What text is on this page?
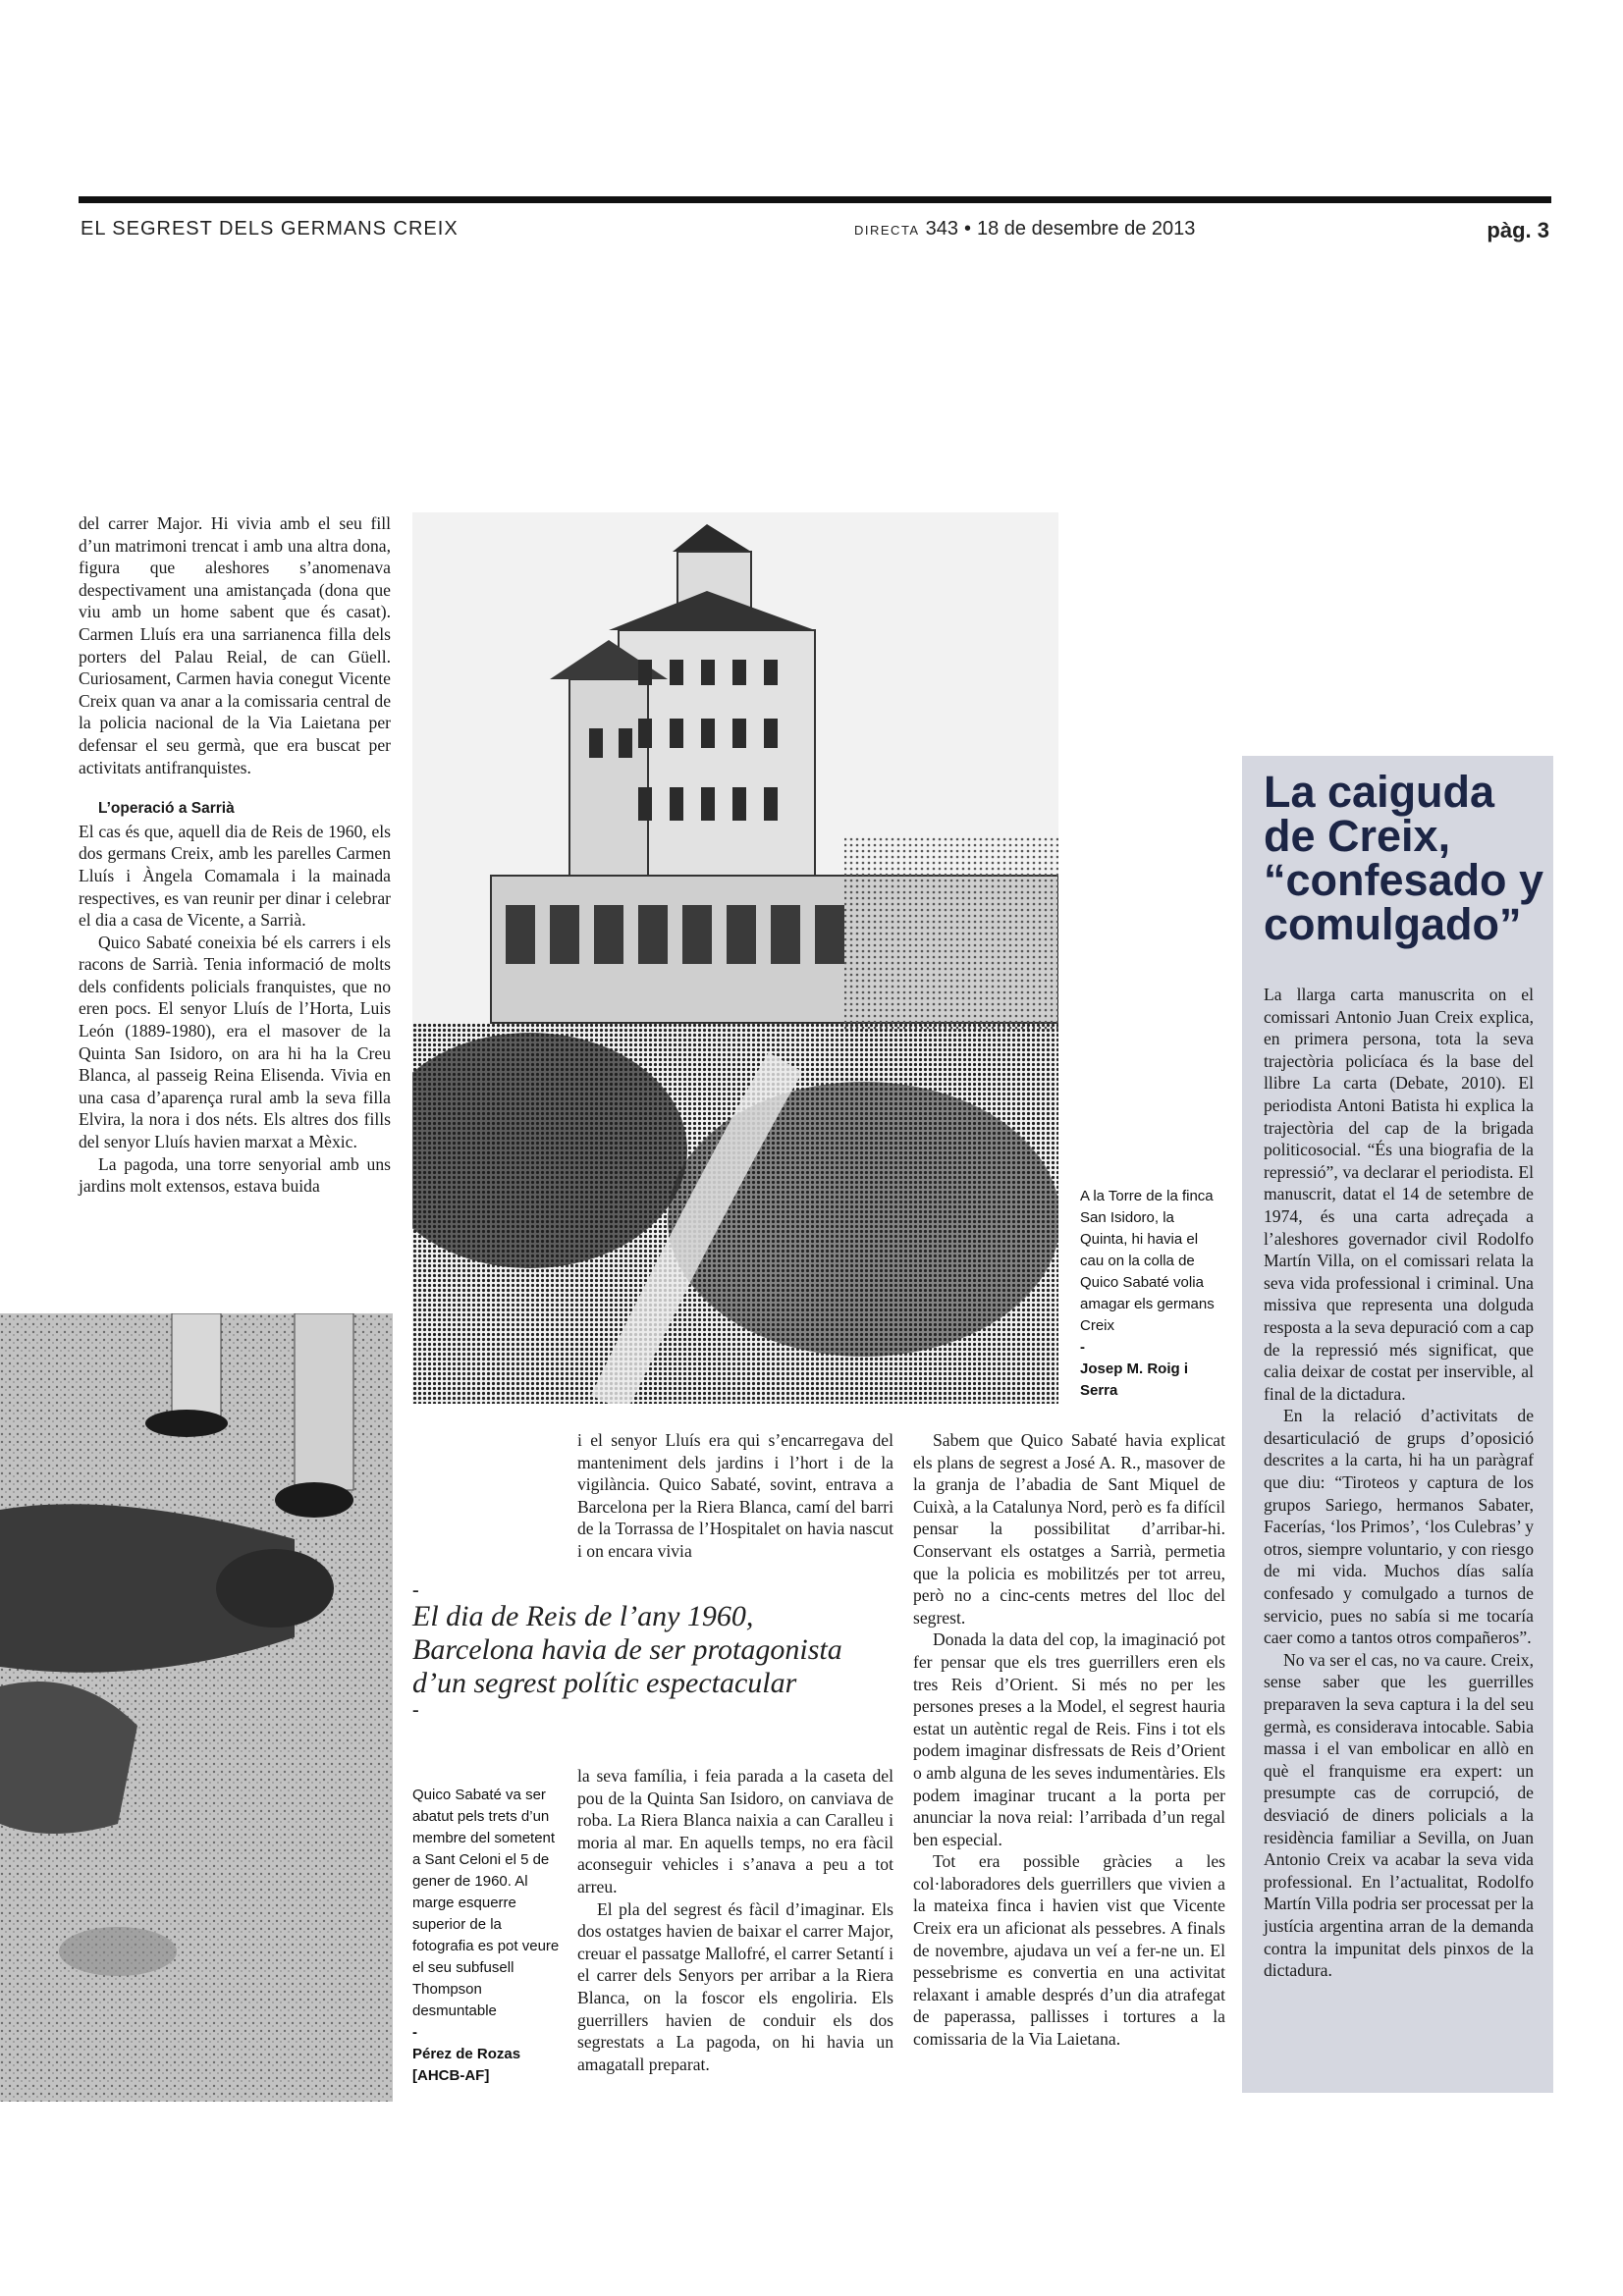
EL SEGREST DELS GERMANS CREIX	DIRECTA 343 • 18 de desembre de 2013	pàg. 3

del carrer Major. Hi vivia amb el seu fill d’un matrimoni trencat i amb una altra dona, figura que aleshores s’anomenava despectivament una amistançada (dona que viu amb un home sabent que és casat). Carmen Lluís era una sarrianenca filla dels porters del Palau Reial, de can Güell. Curiosament, Carmen havia conegut Vicente Creix quan va anar a la comissaria central de la policia nacional de la Via Laietana per defensar el seu germà, que era buscat per activitats antifranquistes.

L’operació a Sarrià

El cas és que, aquell dia de Reis de 1960, els dos germans Creix, amb les parelles Carmen Lluís i Àngela Comamala i la mainada respectives, es van reunir per dinar i celebrar el dia a casa de Vicente, a Sarrià.

Quico Sabaté coneixia bé els carrers i els racons de Sarrià. Tenia informació de molts dels confidents policials franquistes, que no eren pocs. El senyor Lluís de l’Horta, Luis León (1889-1980), era el masover de la Quinta San Isidoro, on ara hi ha la Creu Blanca, al passeig Reina Elisenda. Vivia en una casa d’aparença rural amb la seva filla Elvira, la nora i dos néts. Els altres dos fills del senyor Lluís havien marxat a Mèxic.

La pagoda, una torre senyorial amb uns jardins molt extensos, estava buida

A la Torre de la finca San Isidoro, la Quinta, hi havia el cau on la colla de Quico Sabaté volia amagar els germans Creix
-
Josep M. Roig i Serra
Quico Sabaté va ser abatut pels trets d’un membre del sometent a Sant Celoni el 5 de gener de 1960. Al marge esquerre superior de la fotografia es pot veure el seu subfusell Thompson desmuntable
-
Pérez de Rozas [AHCB-AF]

i el senyor Lluís era qui s’encarregava del manteniment dels jardins i l’hort i de la vigilància. Quico Sabaté, sovint, entrava a Barcelona per la Riera Blanca, camí del barri de la Torrassa de l’Hospitalet on havia nascut i on encara vivia

-
El dia de Reis de l’any 1960, Barcelona havia de ser protagonista d’un segrest polític espectacular
-

la seva família, i feia parada a la caseta del pou de la Quinta San Isidoro, on canviava de roba. La Riera Blanca naixia a can Caralleu i moria al mar. En aquells temps, no era fàcil aconseguir vehicles i s’anava a peu a tot arreu.

El pla del segrest és fàcil d’imaginar. Els dos ostatges havien de baixar el carrer Major, creuar el passatge Mallofré, el carrer Setantí i el carrer dels Senyors per arribar a la Riera Blanca, on la foscor els engoliria. Els guerrillers havien de conduir els dos segrestats a La pagoda, on hi havia un amagatall preparat.

Sabem que Quico Sabaté havia explicat els plans de segrest a José A. R., masover de la granja de l’abadia de Sant Miquel de Cuixà, a la Catalunya Nord, però es fa difícil pensar la possibilitat d’arribar-hi. Conservant els ostatges a Sarrià, permetia que la policia es mobilitzés per tot arreu, però no a cinc-cents metres del lloc del segrest.

Donada la data del cop, la imaginació pot fer pensar que els tres guerrillers eren els tres Reis d’Orient. Si més no per les persones preses a la Model, el segrest hauria estat un autèntic regal de Reis. Fins i tot els podem imaginar disfressats de Reis d’Orient o amb alguna de les seves indumentàries. Els podem imaginar trucant a la porta per anunciar la nova reial: l’arribada d’un regal ben especial.

Tot era possible gràcies a les col·laboradores dels guerrillers que vivien a la mateixa finca i havien vist que Vicente Creix era un aficionat als pessebres. A finals de novembre, ajudava un veí a fer-ne un. El pessebrisme es convertia en una activitat relaxant i amable després d’un dia atrafegat de paperassa, pallisses i tortures a la comissaria de la Via Laietana.

La caiguda de Creix, “confesado y comulgado”

La llarga carta manuscrita on el comissari Antonio Juan Creix explica, en primera persona, tota la seva trajectòria policíaca és la base del llibre La carta (Debate, 2010). El periodista Antoni Batista hi explica la trajectòria del cap de la brigada politicosocial. “És una biografia de la repressió”, va declarar el periodista. El manuscrit, datat el 14 de setembre de 1974, és una carta adreçada a l’aleshores governador civil Rodolfo Martín Villa, on el comissari relata la seva vida professional i criminal. Una missiva que representa una dolguda resposta a la seva depuració com a cap de la repressió més significat, que calia deixar de costat per inservible, al final de la dictadura.

En la relació d’activitats de desarticulació de grups d’oposició descrites a la carta, hi ha un paràgraf que diu: “Tiroteos y captura de los grupos Sariego, hermanos Sabater, Facerías, ‘los Primos’, ‘los Culebras’ y otros, siempre voluntario, y con riesgo de mi vida. Muchos días salía confesado y comulgado a turnos de servicio, pues no sabía si me tocaría caer como a tantos otros compañeros”.

No va ser el cas, no va caure. Creix, sense saber que les guerrilles preparaven la seva captura i la del seu germà, es considerava intocable. Sabia massa i el van embolicar en allò en què el franquisme era expert: un presumpte cas de corrupció, de desviació de diners policials a la residència familiar a Sevilla, on Juan Antonio Creix va acabar la seva vida professional. En l’actualitat, Rodolfo Martín Villa podria ser processat per la justícia argentina arran de la demanda contra la impunitat dels pinxos de la dictadura.
